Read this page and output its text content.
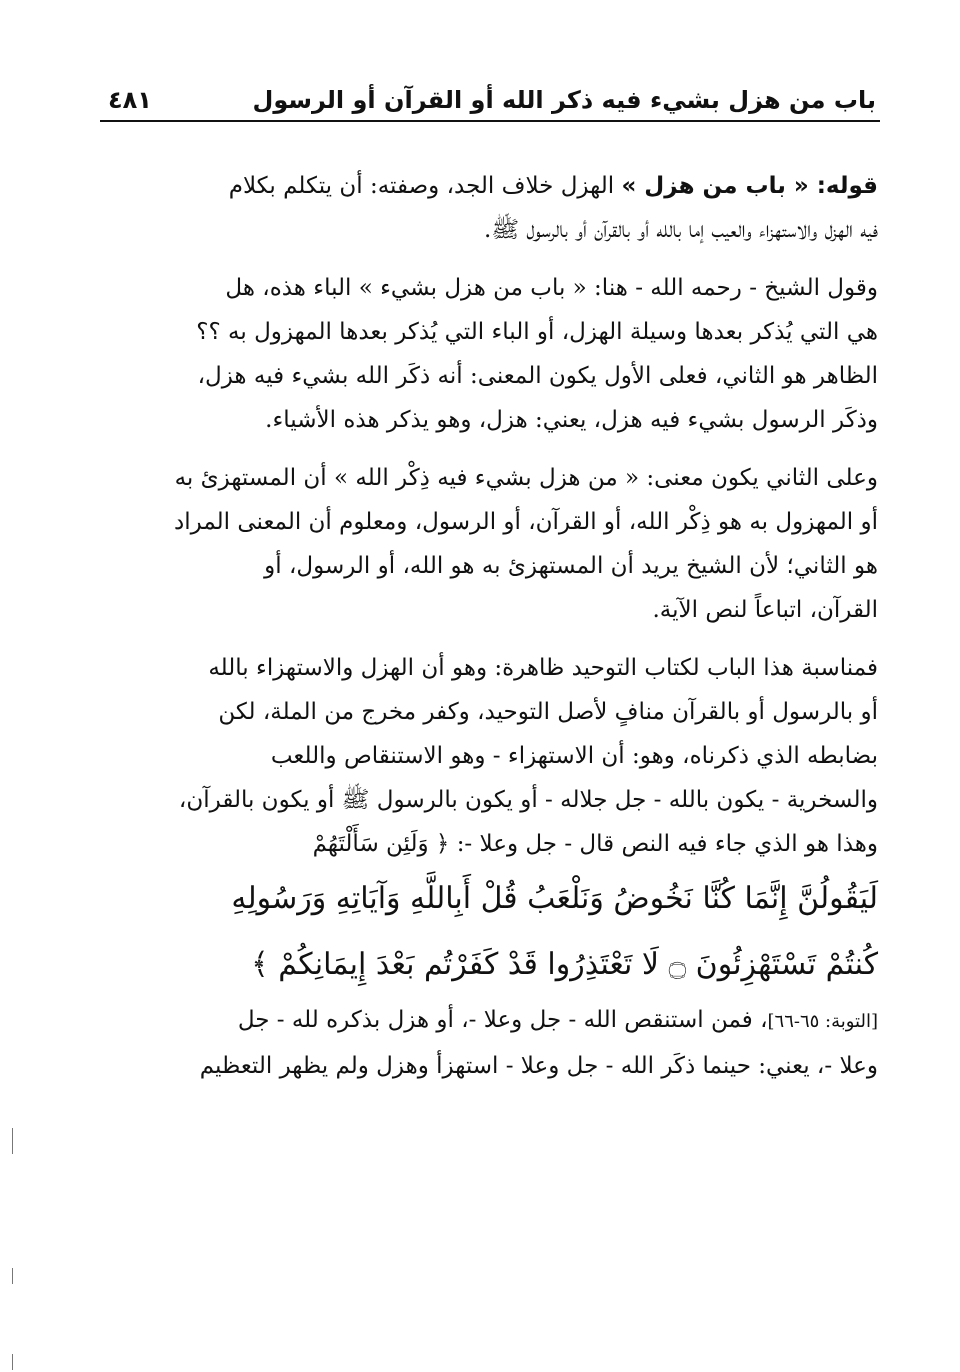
٤٨١	باب من هزل بشيء فيه ذكر الله أو القرآن أو الرسول

قوله: « باب من هزل » الهزل خلاف الجد، وصفته: أن يتكلم بكلام
فيه الهزل والاستهزاء والعيب إما بالله أو بالقرآن أو بالرسول ﷺ.

وقول الشيخ - رحمه الله - هنا: « باب من هزل بشيء » الباء هذه، هل
هي التي يُذكر بعدها وسيلة الهزل، أو الباء التي يُذكر بعدها المهزول به ؟؟
الظاهر هو الثاني، فعلى الأول يكون المعنى: أنه ذكَر الله بشيء فيه هزل،
وذكَر الرسول بشيء فيه هزل، يعني: هزل، وهو يذكر هذه الأشياء.

وعلى الثاني يكون معنى: « من هزل بشيء فيه ذِكْر الله » أن المستهزئ به
أو المهزول به هو ذِكْر الله، أو القرآن، أو الرسول، ومعلوم أن المعنى المراد
هو الثاني؛ لأن الشيخ يريد أن المستهزئ به هو الله، أو الرسول، أو
القرآن، اتباعاً لنص الآية.

فمناسبة هذا الباب لكتاب التوحيد ظاهرة: وهو أن الهزل والاستهزاء بالله
أو بالرسول أو بالقرآن منافٍ لأصل التوحيد، وكفر مخرج من الملة، لكن
بضابطه الذي ذكرناه، وهو: أن الاستهزاء - وهو الاستنقاص واللعب
والسخرية - يكون بالله - جل جلاله - أو يكون بالرسول ﷺ أو يكون بالقرآن،
وهذا هو الذي جاء فيه النص قال - جل وعلا -: ﴿ وَلَئِن سَأَلْتَهُمْ

لَيَقُولُنَّ إِنَّمَا كُنَّا نَخُوضُ وَنَلْعَبُ قُلْ أَبِاللَّهِ وَآيَاتِهِ وَرَسُولِهِ
كُنتُمْ تَسْتَهْزِئُونَ ۝ لَا تَعْتَذِرُوا قَدْ كَفَرْتُم بَعْدَ إِيمَانِكُمْ ﴾

[التوبة: ٦٥-٦٦]، فمن استنقص الله - جل وعلا -، أو هزل بذكره لله - جل
وعلا -، يعني: حينما ذكَر الله - جل وعلا - استهزأ وهزل ولم يظهر التعظيم
